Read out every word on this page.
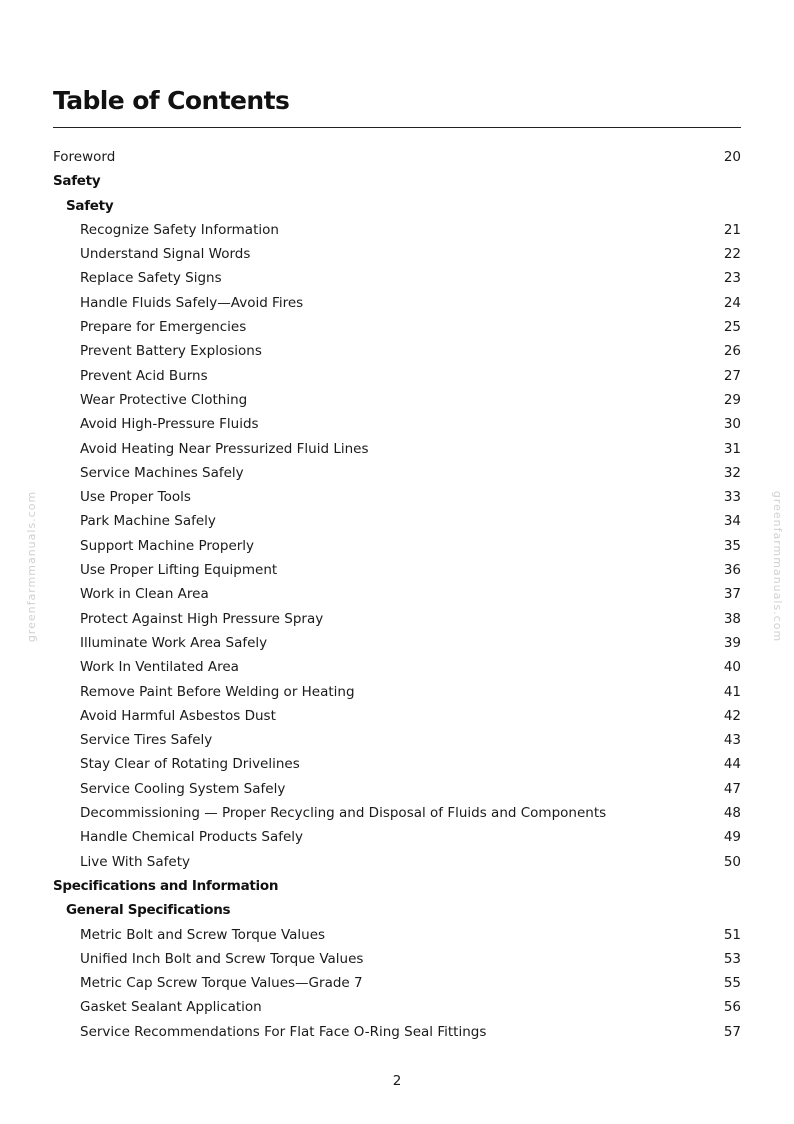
Table of Contents
Foreword	20
Safety
Safety
Recognize Safety Information	21
Understand Signal Words	22
Replace Safety Signs	23
Handle Fluids Safely—Avoid Fires	24
Prepare for Emergencies	25
Prevent Battery Explosions	26
Prevent Acid Burns	27
Wear Protective Clothing	29
Avoid High-Pressure Fluids	30
Avoid Heating Near Pressurized Fluid Lines	31
Service Machines Safely	32
Use Proper Tools	33
Park Machine Safely	34
Support Machine Properly	35
Use Proper Lifting Equipment	36
Work in Clean Area	37
Protect Against High Pressure Spray	38
Illuminate Work Area Safely	39
Work In Ventilated Area	40
Remove Paint Before Welding or Heating	41
Avoid Harmful Asbestos Dust	42
Service Tires Safely	43
Stay Clear of Rotating Drivelines	44
Service Cooling System Safely	47
Decommissioning — Proper Recycling and Disposal of Fluids and Components	48
Handle Chemical Products Safely	49
Live With Safety	50
Specifications and Information
General Specifications
Metric Bolt and Screw Torque Values	51
Unified Inch Bolt and Screw Torque Values	53
Metric Cap Screw Torque Values—Grade 7	55
Gasket Sealant Application	56
Service Recommendations For Flat Face O-Ring Seal Fittings	57
greenfarmmanuals.com	greenfarmmanuals.com
2
